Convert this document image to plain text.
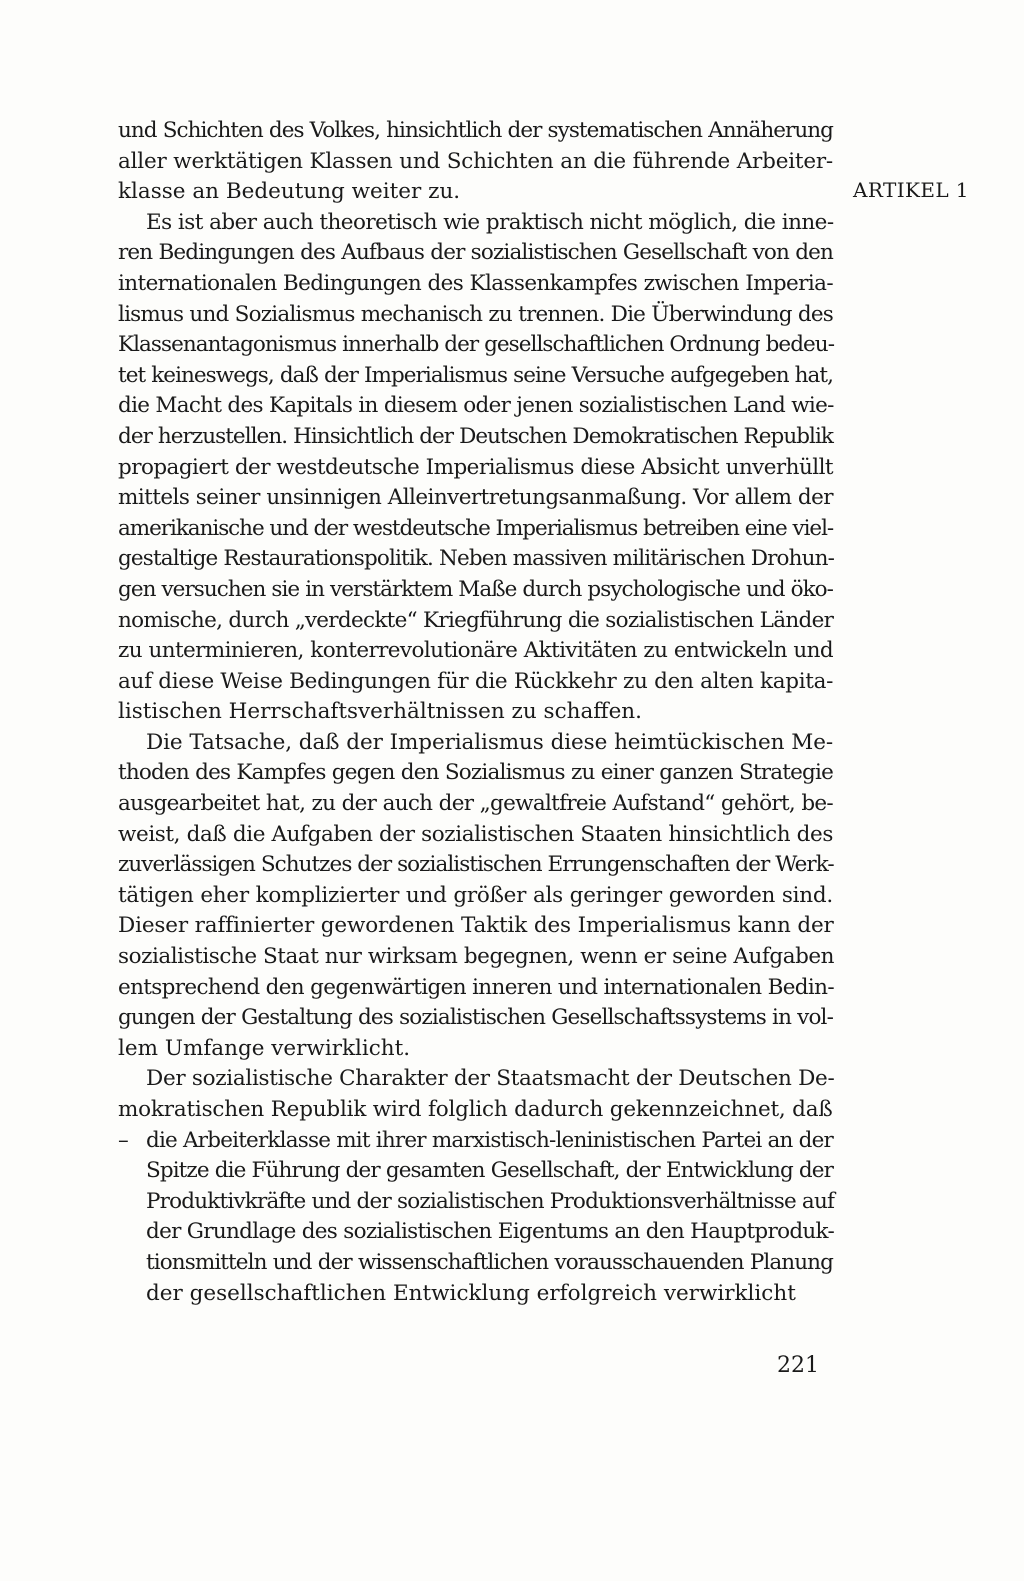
und Schichten des Volkes, hinsichtlich der systematischen Annäherung
aller werktätigen Klassen und Schichten an die führende Arbeiter-
klasse an Bedeutung weiter zu.
Es ist aber auch theoretisch wie praktisch nicht möglich, die inne-
ren Bedingungen des Aufbaus der sozialistischen Gesellschaft von den
internationalen Bedingungen des Klassenkampfes zwischen Imperia-
lismus und Sozialismus mechanisch zu trennen. Die Überwindung des
Klassenantagonismus innerhalb der gesellschaftlichen Ordnung bedeu-
tet keineswegs, daß der Imperialismus seine Versuche aufgegeben hat,
die Macht des Kapitals in diesem oder jenen sozialistischen Land wie-
der herzustellen. Hinsichtlich der Deutschen Demokratischen Republik
propagiert der westdeutsche Imperialismus diese Absicht unverhüllt
mittels seiner unsinnigen Alleinvertretungsanmaßung. Vor allem der
amerikanische und der westdeutsche Imperialismus betreiben eine viel-
gestaltige Restaurationspolitik. Neben massiven militärischen Drohun-
gen versuchen sie in verstärktem Maße durch psychologische und öko-
nomische, durch „verdeckte“ Kriegführung die sozialistischen Länder
zu unterminieren, konterrevolutionäre Aktivitäten zu entwickeln und
auf diese Weise Bedingungen für die Rückkehr zu den alten kapita-
listischen Herrschaftsverhältnissen zu schaffen.
Die Tatsache, daß der Imperialismus diese heimtückischen Me-
thoden des Kampfes gegen den Sozialismus zu einer ganzen Strategie
ausgearbeitet hat, zu der auch der „gewaltfreie Aufstand“ gehört, be-
weist, daß die Aufgaben der sozialistischen Staaten hinsichtlich des
zuverlässigen Schutzes der sozialistischen Errungenschaften der Werk-
tätigen eher komplizierter und größer als geringer geworden sind.
Dieser raffinierter gewordenen Taktik des Imperialismus kann der
sozialistische Staat nur wirksam begegnen, wenn er seine Aufgaben
entsprechend den gegenwärtigen inneren und internationalen Bedin-
gungen der Gestaltung des sozialistischen Gesellschaftssystems in vol-
lem Umfange verwirklicht.
Der sozialistische Charakter der Staatsmacht der Deutschen De-
mokratischen Republik wird folglich dadurch gekennzeichnet, daß
– die Arbeiterklasse mit ihrer marxistisch-leninistischen Partei an der
Spitze die Führung der gesamten Gesellschaft, der Entwicklung der
Produktivkräfte und der sozialistischen Produktionsverhältnisse auf
der Grundlage des sozialistischen Eigentums an den Hauptproduk-
tionsmitteln und der wissenschaftlichen vorausschauenden Planung
der gesellschaftlichen Entwicklung erfolgreich verwirklicht
ARTIKEL 1
221
